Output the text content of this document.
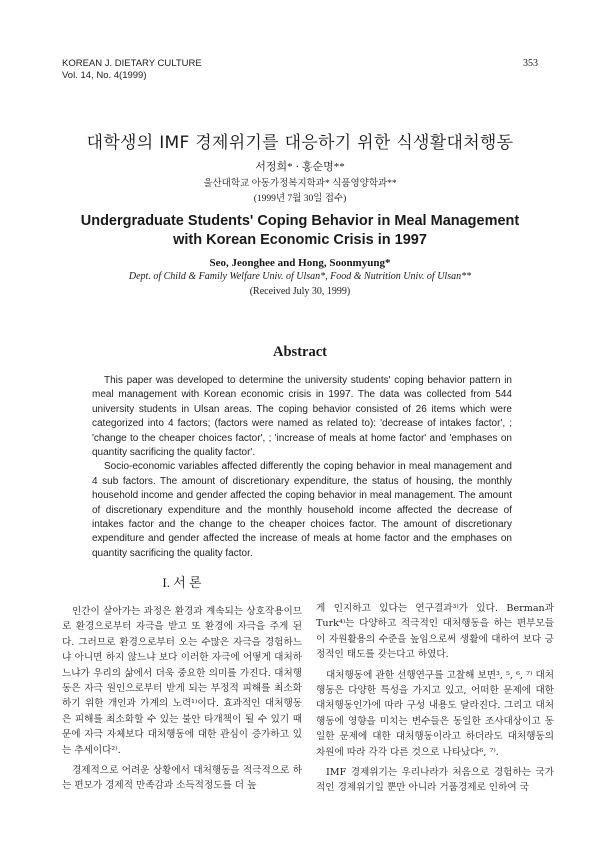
KOREAN J. DIETARY CULTURE
Vol. 14, No. 4(1999)
353
대학생의 IMF 경제위기를 대응하기 위한 식생활대처행동
서정희* · 홍순명**
울산대학교 아동가정복지학과* 식품영양학과**
(1999년 7월 30일 접수)
Undergraduate Students' Coping Behavior in Meal Management
with Korean Economic Crisis in 1997
Seo, Jeonghee and Hong, Soonmyung*
Dept. of Child & Family Welfare Univ. of Ulsan*, Food & Nutrition Univ. of Ulsan**
(Received July 30, 1999)
Abstract

This paper was developed to determine the university students' coping behavior pattern in meal management with Korean economic crisis in 1997. The data was collected from 544 university students in Ulsan areas. The coping behavior consisted of 26 items which were categorized into 4 factors; (factors were named as related to): 'decrease of intakes factor', ; 'change to the cheaper choices factor', ; 'increase of meals at home factor' and 'emphases on quantity sacrificing the quality factor'.

Socio-economic variables affected differently the coping behavior in meal management and 4 sub factors. The amount of discretionary expenditure, the status of housing, the monthly household income and gender affected the coping behavior in meal management. The amount of discretionary expenditure and the monthly household income affected the decrease of intakes factor and the change to the cheaper choices factor. The amount of discretionary expenditure and gender affected the increase of meals at home factor and the emphases on quantity sacrificing the quality factor.

I. 서 론

인간이 살아가는 과정은 환경과 계속되는 상호작용이므로 환경으로부터 자극을 받고 또 환경에 자극을 주게 된다. 그러므로 환경으로부터 오는 수많은 자극을 경험하느냐 아니면 하지 않느냐 보다 이러한 자극에 어떻게 대처하느냐가 우리의 삶에서 더욱 중요한 의미를 가진다. 대처행동은 자극 원인으로부터 받게 되는 부정적 피해를 최소화하기 위한 개인과 가계의 노력¹⁾이다. 효과적인 대처행동은 피해를 최소화할 수 있는 불안 타개책이 될 수 있기 때문에 자극 자체보다 대처행동에 대한 관심이 증가하고 있는 추세이다²⁾.

경제적으로 어려운 상황에서 대처행동을 적극적으로 하는 편모가 경제적 만족감과 소득적정도를 더 높

게 인지하고 있다는 연구결과³⁾가 있다. Berman과 Turk⁴⁾는 다양하고 적극적인 대처행동을 하는 편부모들이 자원활용의 수준을 높임으로써 생활에 대하여 보다 긍정적인 태도를 갖는다고 하였다.

대처행동에 관한 선행연구를 고찰해 보면³, ⁵, ⁶, ⁷⁾ 대처행동은 다양한 특성을 가지고 있고, 어떠한 문제에 대한 대처행동인가에 따라 구성 내용도 달라진다. 그리고 대처행동에 영향을 미치는 변수들은 동일한 조사대상이고 동일한 문제에 대한 대처행동이라고 하더라도 대처행동의 차원에 따라 각각 다른 것으로 나타났다⁶, ⁷⁾.

IMF 경제위기는 우리나라가 처음으로 경험하는 국가적인 경제위기일 뿐만 아니라 거품경제로 인하여 국
